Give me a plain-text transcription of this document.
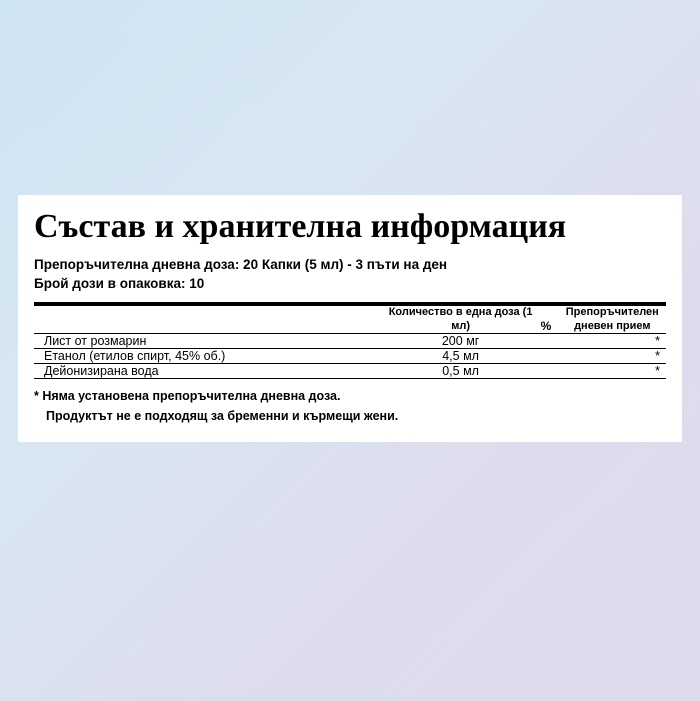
Състав и хранителна информация
Препоръчителна дневна доза: 20 Капки (5 мл) - 3 пъти на ден
Брой дози в опаковка: 10
	Количество в една доза (1 мл)	%	Препоръчителен дневен прием
Лист от розмарин	200 мг		*
Етанол (етилов спирт, 45% об.)	4,5 мл		*
Дейонизирана вода	0,5 мл		*
* Няма установена препоръчителна дневна доза.
Продуктът не е подходящ за бременни и кърмещи жени.
